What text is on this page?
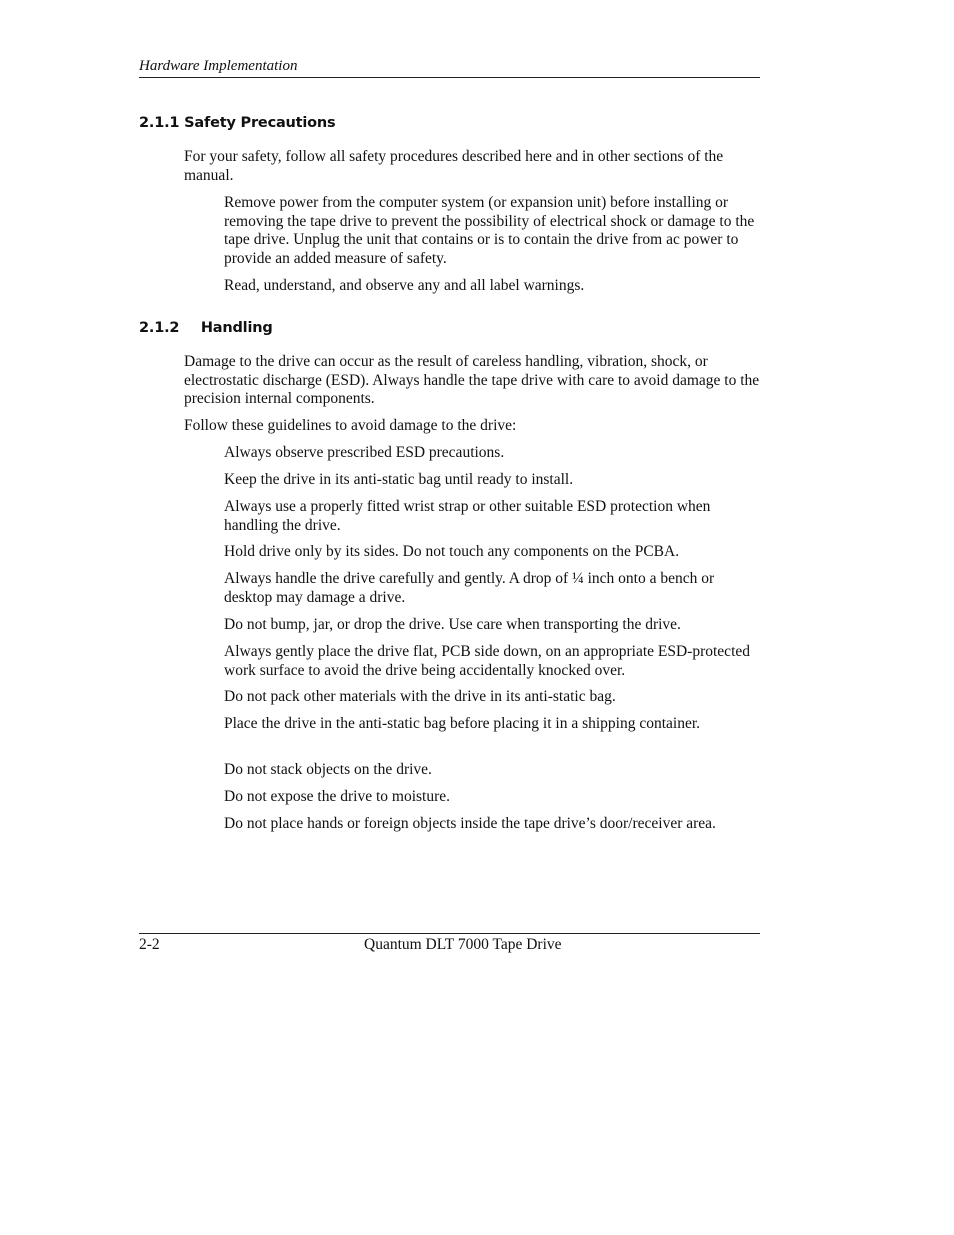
Hardware Implementation
2.1.1 Safety Precautions

For your safety, follow all safety procedures described here and in other sections of the manual.

Remove power from the computer system (or expansion unit) before installing or removing the tape drive to prevent the possibility of electrical shock or damage to the tape drive. Unplug the unit that contains or is to contain the drive from ac power to provide an added measure of safety.

Read, understand, and observe any and all label warnings.

2.1.2 Handling

Damage to the drive can occur as the result of careless handling, vibration, shock, or electrostatic discharge (ESD). Always handle the tape drive with care to avoid damage to the precision internal components.

Follow these guidelines to avoid damage to the drive:

Always observe prescribed ESD precautions.

Keep the drive in its anti-static bag until ready to install.

Always use a properly fitted wrist strap or other suitable ESD protection when handling the drive.

Hold drive only by its sides. Do not touch any components on the PCBA.

Always handle the drive carefully and gently. A drop of ¼ inch onto a bench or desktop may damage a drive.

Do not bump, jar, or drop the drive. Use care when transporting the drive.

Always gently place the drive flat, PCB side down, on an appropriate ESD-protected work surface to avoid the drive being accidentally knocked over.

Do not pack other materials with the drive in its anti-static bag.

Place the drive in the anti-static bag before placing it in a shipping container.

Do not stack objects on the drive.

Do not expose the drive to moisture.

Do not place hands or foreign objects inside the tape drive’s door/receiver area.

2-2	Quantum DLT 7000 Tape Drive
